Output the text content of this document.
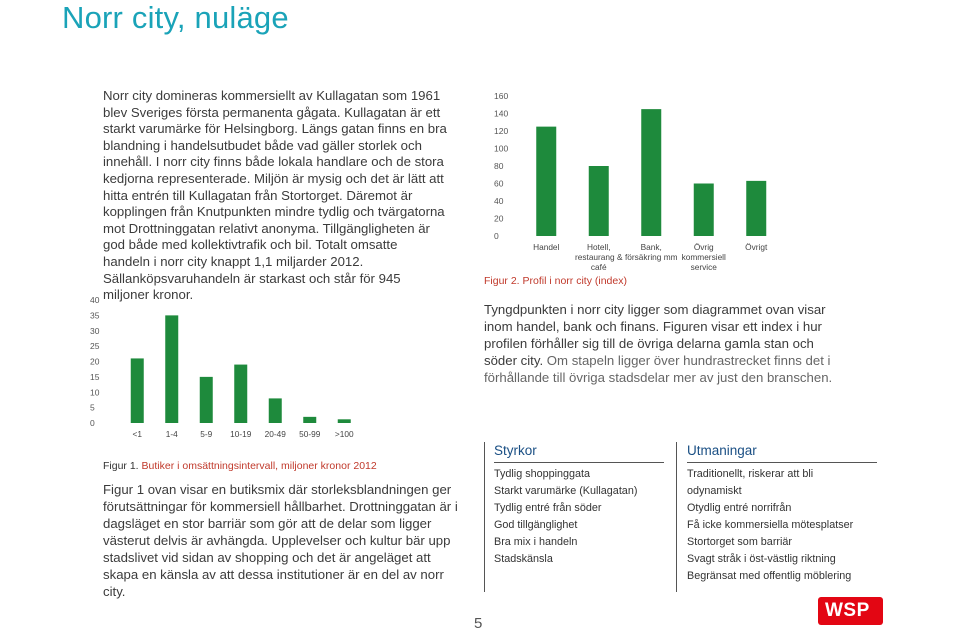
Norr city, nuläge
Norr city domineras kommersiellt av Kullagatan som 1961 blev Sveriges första permanenta gågata. Kullagatan är ett starkt varumärke för Helsingborg. Längs gatan finns en bra blandning i handelsutbudet både vad gäller storlek och innehåll. I norr city finns både lokala handlare och de stora kedjorna representerade. Miljön är mysig och det är lätt att hitta entrén till Kullagatan från Stortorget. Däremot är kopplingen från Knutpunkten mindre tydlig och tvärgatorna mot Drottninggatan relativt anonyma. Tillgängligheten är god både med kollektivtrafik och bil. Totalt omsatte handeln i norr city knappt 1,1 miljarder 2012. Sällanköpsvaruhandeln är starkast och står för 945 miljoner kronor.
0
5
10
15
20
25
30
35
40
<1	1-4	5-9 10-19 20-49 50-99 >100
Figur 1. Butiker i omsättningsintervall, miljoner kronor 2012
Figur 1 ovan visar en butiksmix där storleksblandningen ger förutsättningar för kommersiell hållbarhet. Drottninggatan är i dagsläget en stor barriär som gör att de delar som ligger västerut delvis är avhängda. Upplevelser och kultur bär upp stadslivet vid sidan av shopping och det är angeläget att skapa en känsla av att dessa institutioner är en del av norr city.
0
20
40
60
80
100
120
140
160
Handel	Hotell, restaurang & café
Bank, försäkring mm
Övrig kommersiell service
Övrigt
Figur 2. Profil i norr city (index)
Tyngdpunkten i norr city ligger som diagrammet ovan visar inom handel, bank och finans. Figuren visar ett index i hur profilen förhåller sig till de övriga delarna gamla stan och söder city. Om stapeln ligger över hundrastrecket finns det i förhållande till övriga stadsdelar mer av just den branschen.
Styrkor
Tydlig shoppinggata
Starkt varumärke (Kullagatan)
Tydlig entré från söder
God tillgänglighet
Bra mix i handeln
Stadskänsla
Utmaningar
Traditionellt, riskerar att bli odynamiskt
Otydlig entré norrifrån
Få icke kommersiella mötesplatser
Stortorget som barriär
Svagt stråk i öst-västlig riktning
Begränsat med offentlig möblering
5
WSP
